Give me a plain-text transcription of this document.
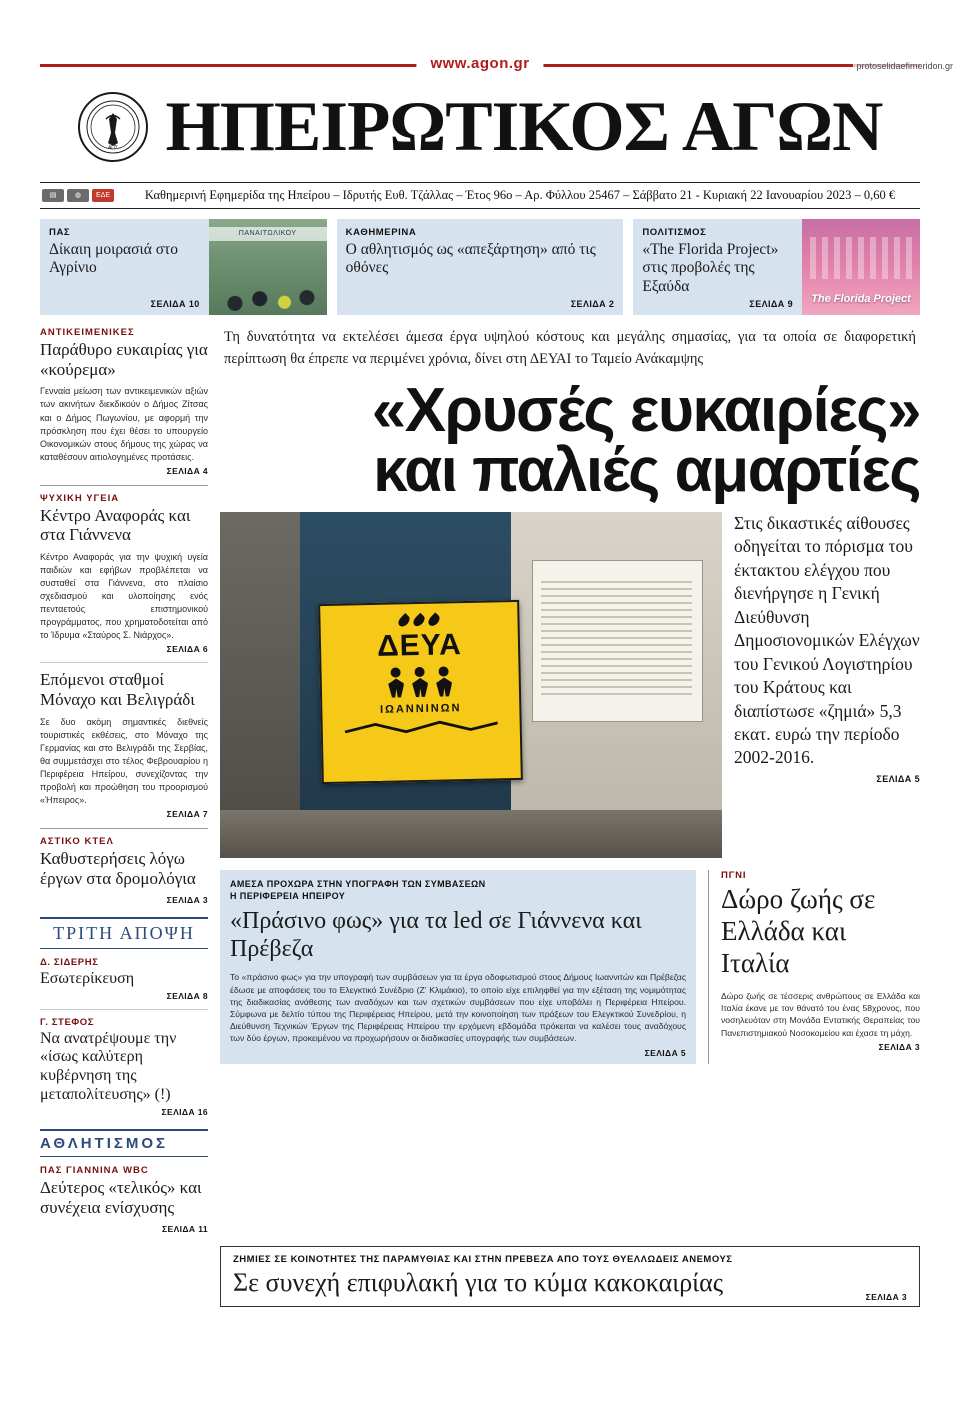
protoselidaefimeridon.gr
www.agon.gr
ΑΠΣ ΗΠΕΙΡΩΤΙΚΟΣ ΑΓΩΝ
▤	◍	ΕΔΕ	Καθημερινή Εφημερίδα της Ηπείρου – Ιδρυτής Ευθ. Τζάλλας – Έτος 96ο – Αρ. Φύλλου 25467 – Σάββατο 21 - Κυριακή 22 Ιανουαρίου 2023 – 0,60 €
ΠΑΣ
Δίκαιη μοιρασιά στο Αγρίνιο
ΣΕΛΙΔΑ 10
ΠΑΝΑΙΤΩΛΙΚΟΥ	ΚΑΘΗΜΕΡΙΝΑ
Ο αθλητισμός ως «απεξάρτηση» από τις οθόνες
ΣΕΛΙΔΑ 2
ΠΟΛΙΤΙΣΜΟΣ
«The Florida Project» στις προβολές της Εξαύδα
ΣΕΛΙΔΑ 9	The Florida Project
ΑΝΤΙΚΕΙΜΕΝΙΚΕΣ
Παράθυρο ευκαιρίας για «κούρεμα»
Γενναία μείωση των αντικειμενικών αξιών των ακινήτων διεκδικούν ο Δήμος Ζίτσας και ο Δήμος Πωγωνίου, με αφορμή την πρόσκληση που έχει θέσει το υπουργείο Οικονομικών στους δήμους της χώρας να καταθέσουν αιτιολογημένες προτάσεις.
ΣΕΛΙΔΑ 4
ΨΥΧΙΚΗ ΥΓΕΙΑ
Κέντρο Αναφοράς και στα Γιάννενα
Κέντρο Αναφοράς για την ψυχική υγεία παιδιών και εφήβων προβλέπεται να συσταθεί στα Γιάννενα, στο πλαίσιο σχεδιασμού και υλοποίησης ενός πενταετούς επιστημονικού προγράμματος, που χρηματοδοτείται από το Ίδρυμα «Σταύρος Σ. Νιάρχος».
ΣΕΛΙΔΑ 6
Επόμενοι σταθμοί Μόναχο και Βελιγράδι
Σε δυο ακόμη σημαντικές διεθνείς τουριστικές εκθέσεις, στο Μόναχο της Γερμανίας και στο Βελιγράδι της Σερβίας, θα συμμετάσχει στο τέλος Φεβρουαρίου η Περιφέρεια Ηπείρου, συνεχίζοντας την προβολή και προώθηση του προορισμού «Ήπειρος».
ΣΕΛΙΔΑ 7
ΑΣΤΙΚΟ ΚΤΕΛ
Καθυστερήσεις λόγω έργων στα δρομολόγια
ΣΕΛΙΔΑ 3
ΤΡΙΤΗ ΑΠΟΨΗ
Δ. ΣΙΔΕΡΗΣ
Εσωτερίκευση
ΣΕΛΙΔΑ 8
Γ. ΣΤΕΦΟΣ
Να ανατρέψουμε την «ίσως καλύτερη κυβέρνηση της μεταπολίτευσης» (!)
ΣΕΛΙΔΑ 16
ΑΘΛΗΤΙΣΜΟΣ
ΠΑΣ ΓΙΑΝΝΙΝΑ WBC
Δεύτερος «τελικός» και συνέχεια ενίσχυσης
ΣΕΛΙΔΑ 11
Τη δυνατότητα να εκτελέσει άμεσα έργα υψηλού κόστους και μεγάλης σημασίας, για τα οποία σε διαφορετική περίπτωση θα έπρεπε να περιμένει χρόνια, δίνει στη ΔΕΥΑΙ το Ταμείο Ανάκαμψης
«Χρυσές ευκαιρίες»
και παλιές αμαρτίες
ΔΕΥΑ
ΙΩΑΝΝΙΝΩΝ

Στις δικαστικές αίθουσες οδηγείται το πόρισμα του έκτακτου ελέγχου που διενήργησε η Γενική Διεύθυνση Δημοσιονομικών Ελέγχων του Γενικού Λογιστηρίου του Κράτους και διαπίστωσε «ζημιά» 5,3 εκατ. ευρώ την περίοδο 2002-2016.

ΣΕΛΙΔΑ 5
ΑΜΕΣΑ ΠΡΟΧΩΡΑ ΣΤΗΝ ΥΠΟΓΡΑΦΗ ΤΩΝ ΣΥΜΒΑΣΕΩΝ
Η ΠΕΡΙΦΕΡΕΙΑ ΗΠΕΙΡΟΥ
«Πράσινο φως» για τα led σε Γιάννενα και Πρέβεζα
Το «πράσινο φως» για την υπογραφή των συμβάσεων για τα έργα οδοφωτισμού στους Δήμους Ιωαννιτών και Πρέβεζας έδωσε με αποφάσεις του το Ελεγκτικό Συνέδριο (Ζ' Κλιμάκιο), το οποίο είχε επιληφθεί για την εξέταση της νομιμότητας της διαδικασίας ανάθεσης των αναδόχων και των σχετικών συμβάσεων που είχε υποβάλει η Περιφέρεια Ηπείρου. Σύμφωνα με δελτίο τύπου της Περιφέρειας Ηπείρου, μετά την κοινοποίηση των πράξεων του Ελεγκτικού Συνεδρίου, η Διεύθυνση Τεχνικών Έργων της Περιφέρειας Ηπείρου την ερχόμενη εβδομάδα πρόκειται να καλέσει τους αναδόχους των δύο έργων, προκειμένου να προχωρήσουν οι διαδικασίες υπογραφής των συμβάσεων.
ΣΕΛΙΔΑ 5
ΠΓΝΙ
Δώρο ζωής σε Ελλάδα και Ιταλία
Δώρο ζωής σε τέσσερις ανθρώπους σε Ελλάδα και Ιταλία έκανε με τον θάνατό του ένας 58χρονος, που νοσηλευόταν στη Μονάδα Εντατικής Θεραπείας του Πανεπιστημιακού Νοσοκομείου και έχασε τη μάχη.
ΣΕΛΙΔΑ 3
ΖΗΜΙΕΣ ΣΕ ΚΟΙΝΟΤΗΤΕΣ ΤΗΣ ΠΑΡΑΜΥΘΙΑΣ ΚΑΙ ΣΤΗΝ ΠΡΕΒΕΖΑ ΑΠΟ ΤΟΥΣ ΘΥΕΛΛΩΔΕΙΣ ΑΝΕΜΟΥΣ
Σε συνεχή επιφυλακή για το κύμα κακοκαιρίας
ΣΕΛΙΔΑ 3
